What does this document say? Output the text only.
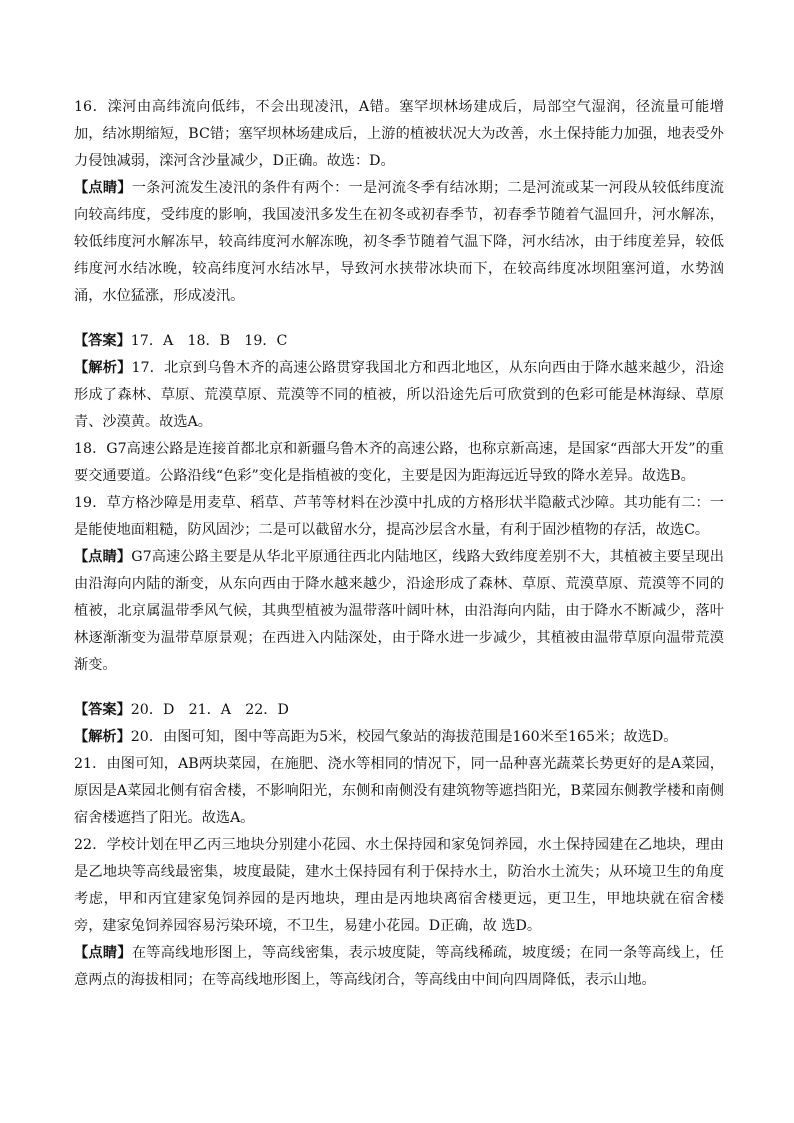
16．滦河由高纬流向低纬，不会出现凌汛，A错。塞罕坝林场建成后，局部空气湿润，径流量可能增加，结冰期缩短，BC错；塞罕坝林场建成后，上游的植被状况大为改善，水土保持能力加强，地表受外力侵蚀减弱，滦河含沙量减少，D正确。故选：D。

【点睛】一条河流发生凌汛的条件有两个：一是河流冬季有结冰期；二是河流或某一河段从较低纬度流向较高纬度，受纬度的影响，我国凌汛多发生在初冬或初春季节，初春季节随着气温回升，河水解冻，较低纬度河水解冻早，较高纬度河水解冻晚，初冬季节随着气温下降，河水结冰，由于纬度差异，较低纬度河水结冰晚，较高纬度河水结冰早，导致河水挟带冰块而下，在较高纬度冰坝阻塞河道，水势汹涌，水位猛涨，形成凌汛。

【答案】17．A　18．B　19．C

【解析】17．北京到乌鲁木齐的高速公路贯穿我国北方和西北地区，从东向西由于降水越来越少，沿途形成了森林、草原、荒漠草原、荒漠等不同的植被，所以沿途先后可欣赏到的色彩可能是林海绿、草原青、沙漠黄。故选A。

18．G7高速公路是连接首都北京和新疆乌鲁木齐的高速公路，也称京新高速，是国家“西部大开发”的重要交通要道。公路沿线“色彩”变化是指植被的变化，主要是因为距海远近导致的降水差异。故选B。

19．草方格沙障是用麦草、稻草、芦苇等材料在沙漠中扎成的方格形状半隐蔽式沙障。其功能有二：一是能使地面粗糙，防风固沙；二是可以截留水分，提高沙层含水量，有利于固沙植物的存活，故选C。

【点睛】G7高速公路主要是从华北平原通往西北内陆地区，线路大致纬度差别不大，其植被主要呈现出由沿海向内陆的渐变，从东向西由于降水越来越少，沿途形成了森林、草原、荒漠草原、荒漠等不同的植被，北京属温带季风气候，其典型植被为温带落叶阔叶林，由沿海向内陆，由于降水不断减少，落叶林逐渐渐变为温带草原景观；在西进入内陆深处，由于降水进一步减少，其植被由温带草原向温带荒漠渐变。

【答案】20．D　21．A　22．D

【解析】20．由图可知，图中等高距为5米，校园气象站的海拔范围是160米至165米；故选D。

21．由图可知，AB两块菜园，在施肥、浇水等相同的情况下，同一品种喜光蔬菜长势更好的是A菜园，原因是A菜园北侧有宿舍楼，不影响阳光，东侧和南侧没有建筑物等遮挡阳光，B菜园东侧教学楼和南侧宿舍楼遮挡了阳光。故选A。

22．学校计划在甲乙丙三地块分别建小花园、水土保持园和家兔饲养园，水土保持园建在乙地块，理由是乙地块等高线最密集，坡度最陡，建水土保持园有利于保持水土，防治水土流失；从环境卫生的角度考虑，甲和丙宜建家兔饲养园的是丙地块，理由是丙地块离宿舍楼更远，更卫生，甲地块就在宿舍楼旁，建家兔饲养园容易污染环境，不卫生，易建小花园。D正确，故 选D。

【点睛】在等高线地形图上，等高线密集，表示坡度陡，等高线稀疏，坡度缓；在同一条等高线上，任意两点的海拔相同；在等高线地形图上，等高线闭合，等高线由中间向四周降低，表示山地。
